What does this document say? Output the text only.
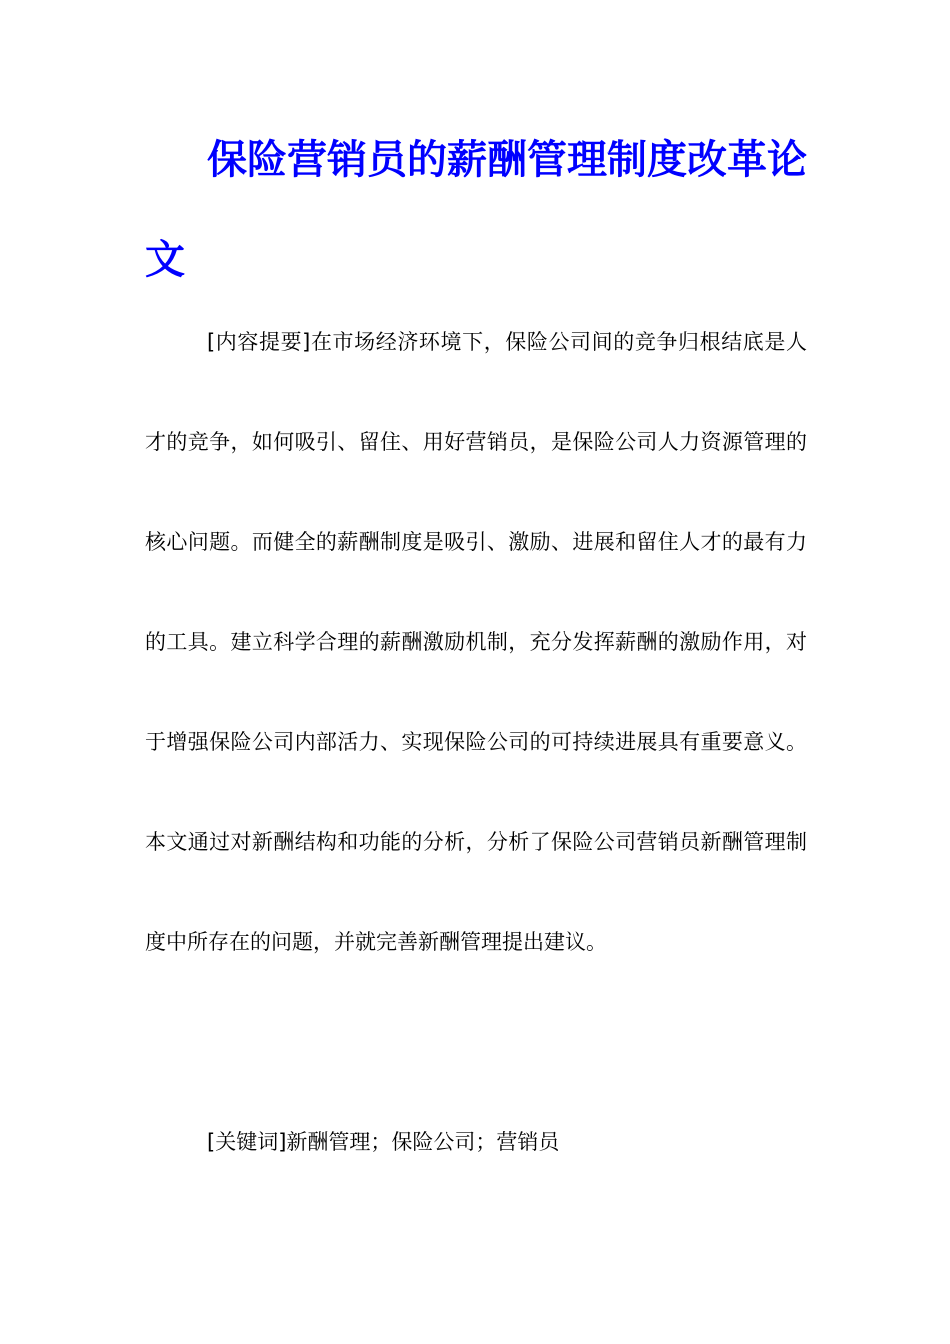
保险营销员的薪酬管理制度改革论文

[内容提要]在市场经济环境下，保险公司间的竞争归根结底是人才的竞争，如何吸引、留住、用好营销员，是保险公司人力资源管理的核心问题。而健全的薪酬制度是吸引、激励、进展和留住人才的最有力的工具。建立科学合理的薪酬激励机制，充分发挥薪酬的激励作用，对于增强保险公司内部活力、实现保险公司的可持续进展具有重要意义。本文通过对新酬结构和功能的分析，分析了保险公司营销员新酬管理制度中所存在的问题，并就完善新酬管理提出建议。

[关键词]新酬管理；保险公司；营销员
